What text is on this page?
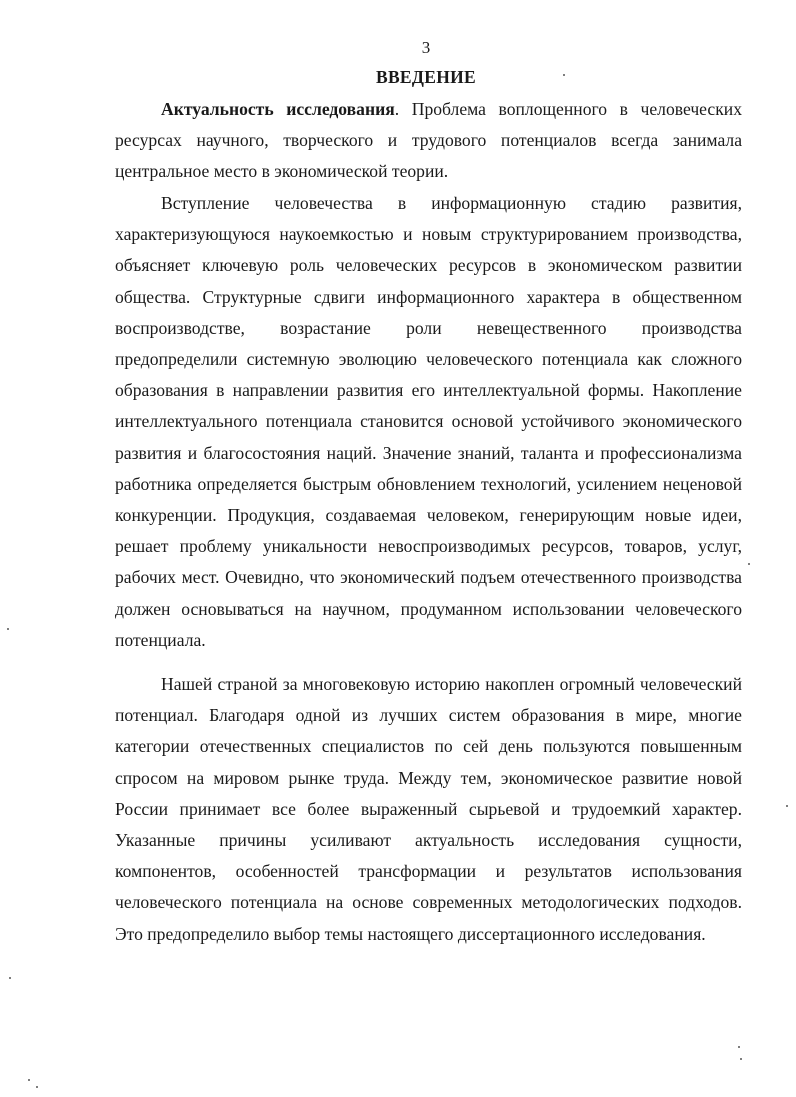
3
ВВЕДЕНИЕ

Актуальность исследования. Проблема воплощенного в человеческих ресурсах научного, творческого и трудового потенциалов всегда занимала центральное место в экономической теории.

Вступление человечества в информационную стадию развития, характеризующуюся наукоемкостью и новым структурированием производства, объясняет ключевую роль человеческих ресурсов в экономическом развитии общества. Структурные сдвиги информационного характера в общественном воспроизводстве, возрастание роли невещественного производства предопределили системную эволюцию человеческого потенциала как сложного образования в направлении развития его интеллектуальной формы. Накопление интеллектуального потенциала становится основой устойчивого экономического развития и благосостояния наций. Значение знаний, таланта и профессионализма работника определяется быстрым обновлением технологий, усилением неценовой конкуренции. Продукция, создаваемая человеком, генерирующим новые идеи, решает проблему уникальности невоспроизводимых ресурсов, товаров, услуг, рабочих мест. Очевидно, что экономический подъем отечественного производства должен основываться на научном, продуманном использовании человеческого потенциала.

Нашей страной за многовековую историю накоплен огромный человеческий потенциал. Благодаря одной из лучших систем образования в мире, многие категории отечественных специалистов по сей день пользуются повышенным спросом на мировом рынке труда. Между тем, экономическое развитие новой России принимает все более выраженный сырьевой и трудоемкий характер. Указанные причины усиливают актуальность исследования сущности, компонентов, особенностей трансформации и результатов использования человеческого потенциала на основе современных методологических подходов. Это предопределило выбор темы настоящего диссертационного исследования.
